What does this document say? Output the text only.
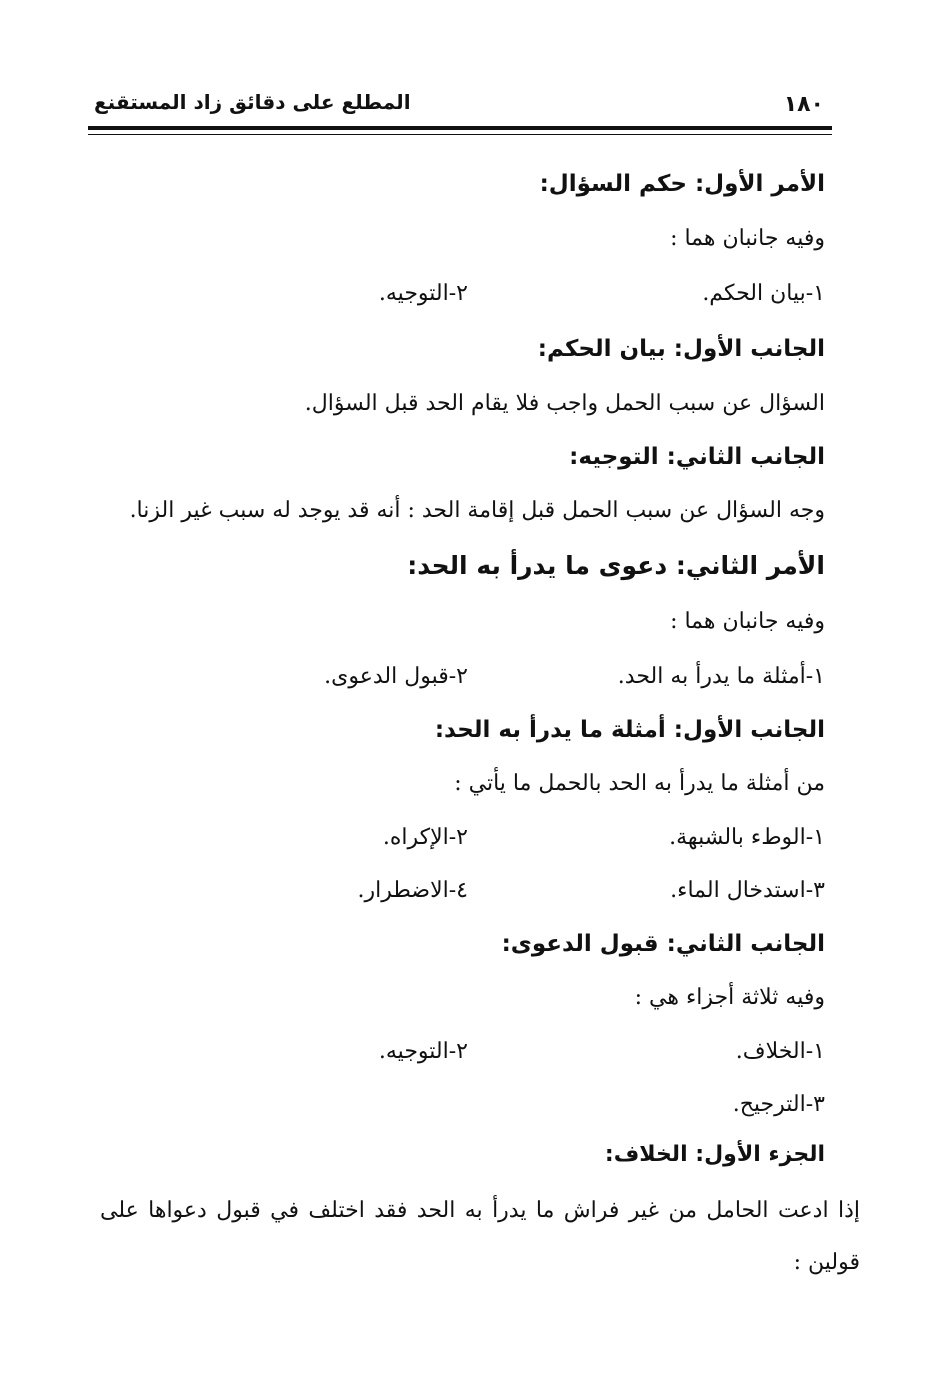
١٨٠
المطلع على دقائق زاد المستقنع
الأمر الأول: حكم السؤال:
وفيه جانبان هما :
١-بيان الحكم.
٢-التوجيه.
الجانب الأول: بيان الحكم:
السؤال عن سبب الحمل واجب فلا يقام الحد قبل السؤال.
الجانب الثاني: التوجيه:
وجه السؤال عن سبب الحمل قبل إقامة الحد : أنه قد يوجد له سبب غير الزنا.
الأمر الثاني: دعوى ما يدرأ به الحد:
وفيه جانبان هما :
١-أمثلة ما يدرأ به الحد.
٢-قبول الدعوى.
الجانب الأول: أمثلة ما يدرأ به الحد:
من أمثلة ما يدرأ به الحد بالحمل ما يأتي :
١-الوطء بالشبهة.
٢-الإكراه.
٣-استدخال الماء.
٤-الاضطرار.
الجانب الثاني: قبول الدعوى:
وفيه ثلاثة أجزاء هي :
١-الخلاف.
٢-التوجيه.
٣-الترجيح.
الجزء الأول: الخلاف:
إذا ادعت الحامل من غير فراش ما يدرأ به الحد فقد اختلف في قبول دعواها على قولين :
